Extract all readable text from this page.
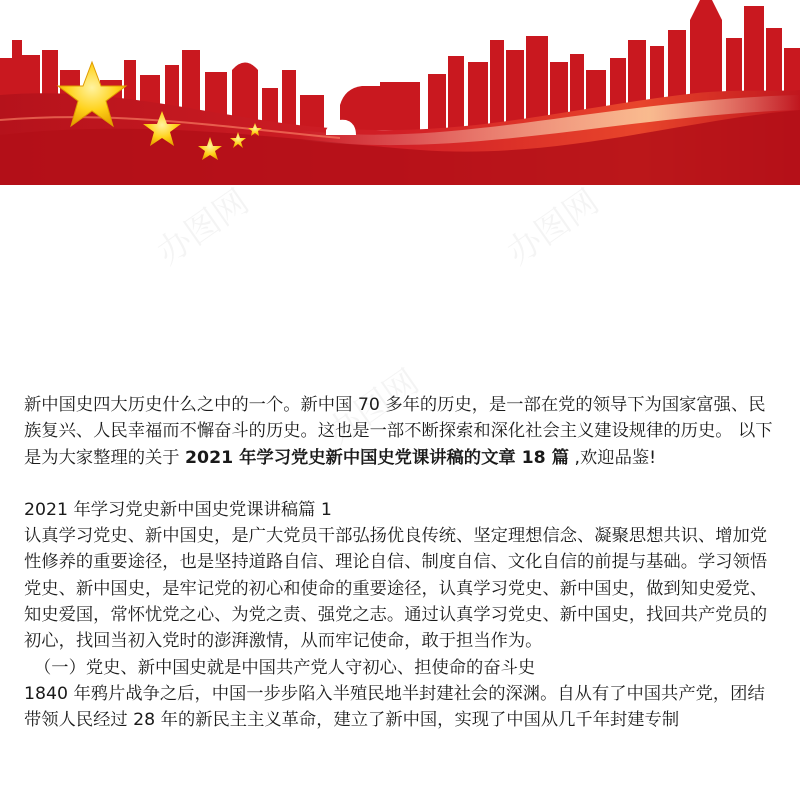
新中国史四大历史什么之中的一个。新中国 70 多年的历史，是一部在党的领导下为国家富强、民族复兴、人民幸福而不懈奋斗的历史。这也是一部不断探索和深化社会主义建设规律的历史。 以下是为大家整理的关于 2021 年学习党史新中国史党课讲稿的文章 18 篇 ,欢迎品鉴!

2021 年学习党史新中国史党课讲稿篇 1

认真学习党史、新中国史，是广大党员干部弘扬优良传统、坚定理想信念、凝聚思想共识、增加党性修养的重要途径，也是坚持道路自信、理论自信、制度自信、文化自信的前提与基础。学习领悟党史、新中国史，是牢记党的初心和使命的重要途径，认真学习党史、新中国史，做到知史爱党、知史爱国，常怀忧党之心、为党之责、强党之志。通过认真学习党史、新中国史，找回共产党员的初心，找回当初入党时的澎湃激情，从而牢记使命，敢于担当作为。

（一）党史、新中国史就是中国共产党人守初心、担使命的奋斗史

1840 年鸦片战争之后，中国一步步陷入半殖民地半封建社会的深渊。自从有了中国共产党，团结带领人民经过 28 年的新民主主义革命，建立了新中国，实现了中国从几千年封建专制
